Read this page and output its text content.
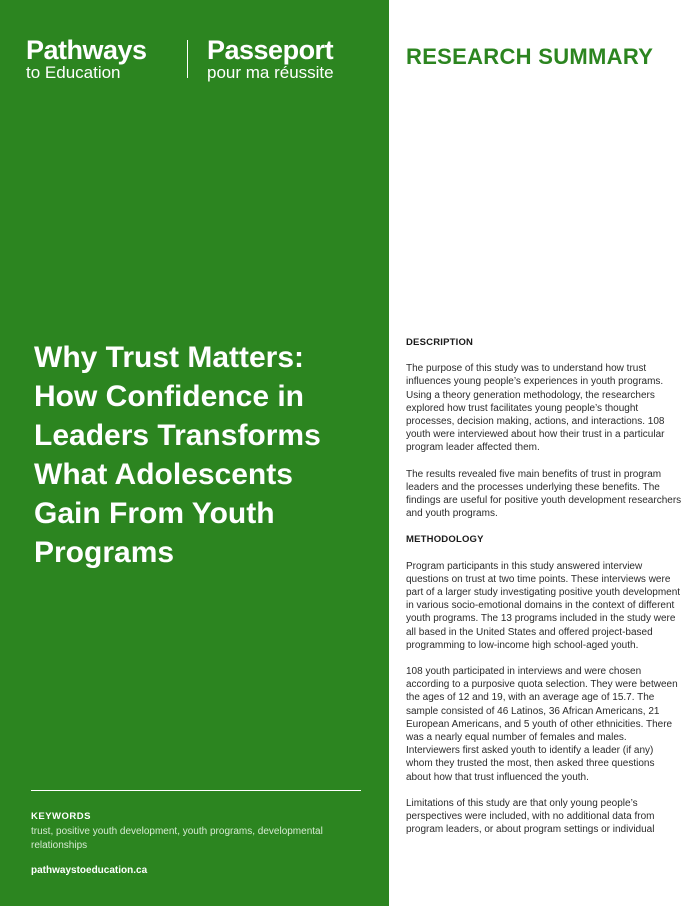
Pathways
to Education
Passeport
pour ma réussite
Why Trust Matters:
How Confidence in
Leaders Transforms
What Adolescents
Gain From Youth
Programs
KEYWORDS
trust, positive youth development, youth programs, developmental relationships
pathwaystoeducation.ca
RESEARCH SUMMARY
DESCRIPTION

The purpose of this study was to understand how trust influences young people’s experiences in youth programs. Using a theory generation methodology, the researchers explored how trust facilitates young people’s thought processes, decision making, actions, and interactions. 108 youth were interviewed about how their trust in a particular program leader affected them.

The results revealed five main benefits of trust in program leaders and the processes underlying these benefits. The findings are useful for positive youth development researchers and youth programs.

METHODOLOGY

Program participants in this study answered interview questions on trust at two time points. These interviews were part of a larger study investigating positive youth development in various socio-emotional domains in the context of different youth programs. The 13 programs included in the study were all based in the United States and offered project-based programming to low-income high school-aged youth.

108 youth participated in interviews and were chosen according to a purposive quota selection. They were between the ages of 12 and 19, with an average age of 15.7. The sample consisted of 46 Latinos, 36 African Americans, 21 European Americans, and 5 youth of other ethnicities. There was a nearly equal number of females and males. Interviewers first asked youth to identify a leader (if any) whom they trusted the most, then asked three questions about how that trust influenced the youth.

Limitations of this study are that only young people’s perspectives were included, with no additional data from program leaders, or about program settings or individual
